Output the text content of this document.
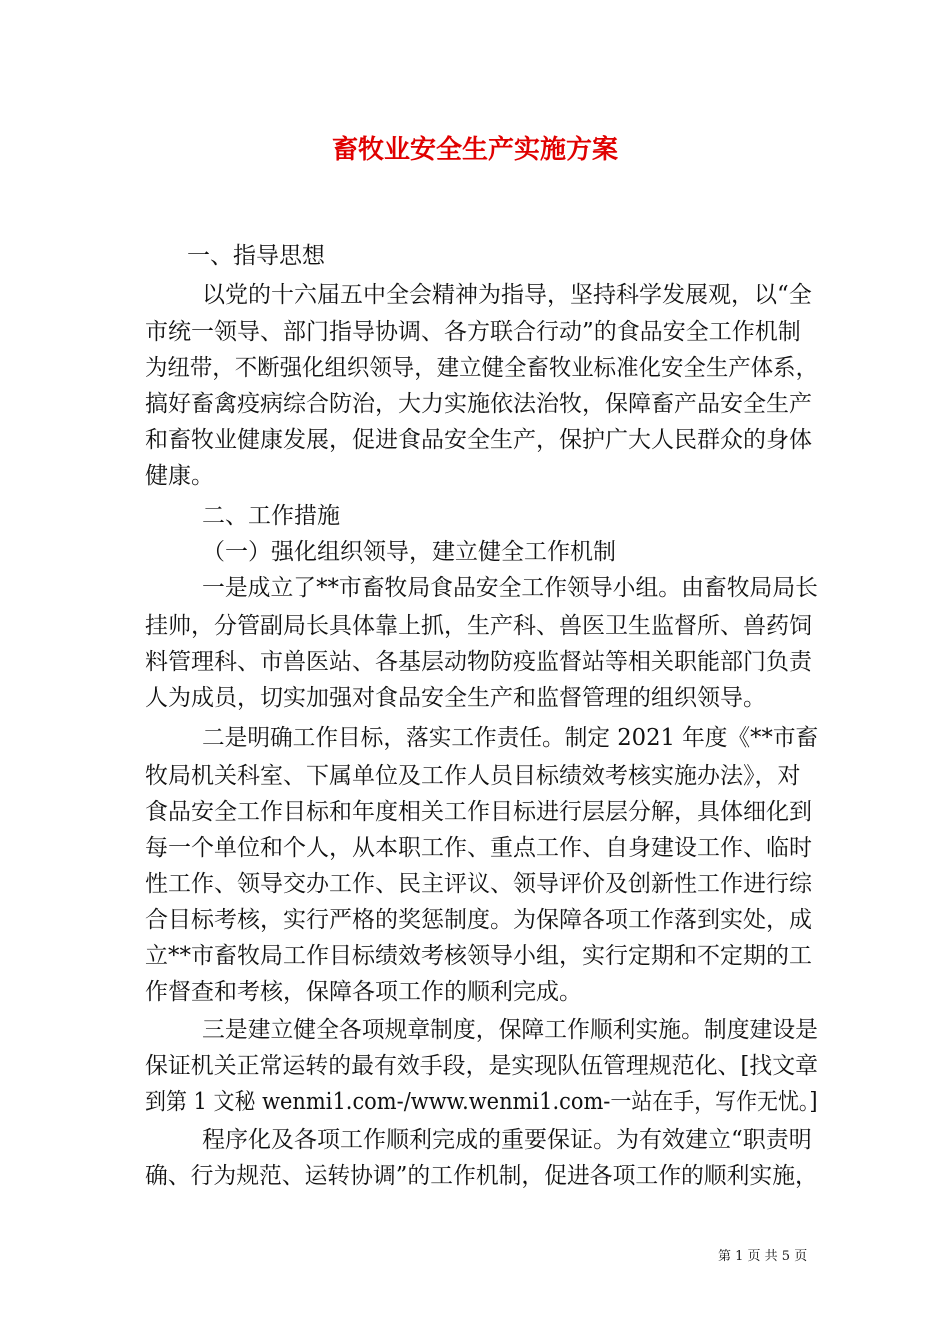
畜牧业安全生产实施方案
一、指导思想
以党的十六届五中全会精神为指导，坚持科学发展观，以“全
市统一领导、部门指导协调、各方联合行动”的食品安全工作机制
为纽带，不断强化组织领导，建立健全畜牧业标准化安全生产体系，
搞好畜禽疫病综合防治，大力实施依法治牧，保障畜产品安全生产
和畜牧业健康发展，促进食品安全生产，保护广大人民群众的身体
健康。
二、工作措施
（一）强化组织领导，建立健全工作机制
一是成立了**市畜牧局食品安全工作领导小组。由畜牧局局长
挂帅，分管副局长具体靠上抓，生产科、兽医卫生监督所、兽药饲
料管理科、市兽医站、各基层动物防疫监督站等相关职能部门负责
人为成员，切实加强对食品安全生产和监督管理的组织领导。
二是明确工作目标，落实工作责任。制定 2021 年度《**市畜
牧局机关科室、下属单位及工作人员目标绩效考核实施办法》，对
食品安全工作目标和年度相关工作目标进行层层分解，具体细化到
每一个单位和个人，从本职工作、重点工作、自身建设工作、临时
性工作、领导交办工作、民主评议、领导评价及创新性工作进行综
合目标考核，实行严格的奖惩制度。为保障各项工作落到实处，成
立**市畜牧局工作目标绩效考核领导小组，实行定期和不定期的工
作督查和考核，保障各项工作的顺利完成。
三是建立健全各项规章制度，保障工作顺利实施。制度建设是
保证机关正常运转的最有效手段，是实现队伍管理规范化、[找文章
到第 1 文秘 wenmi1.com-/www.wenmi1.com-一站在手，写作无忧。]
程序化及各项工作顺利完成的重要保证。为有效建立“职责明
确、行为规范、运转协调”的工作机制，促进各项工作的顺利实施，
第 1 页 共 5 页
